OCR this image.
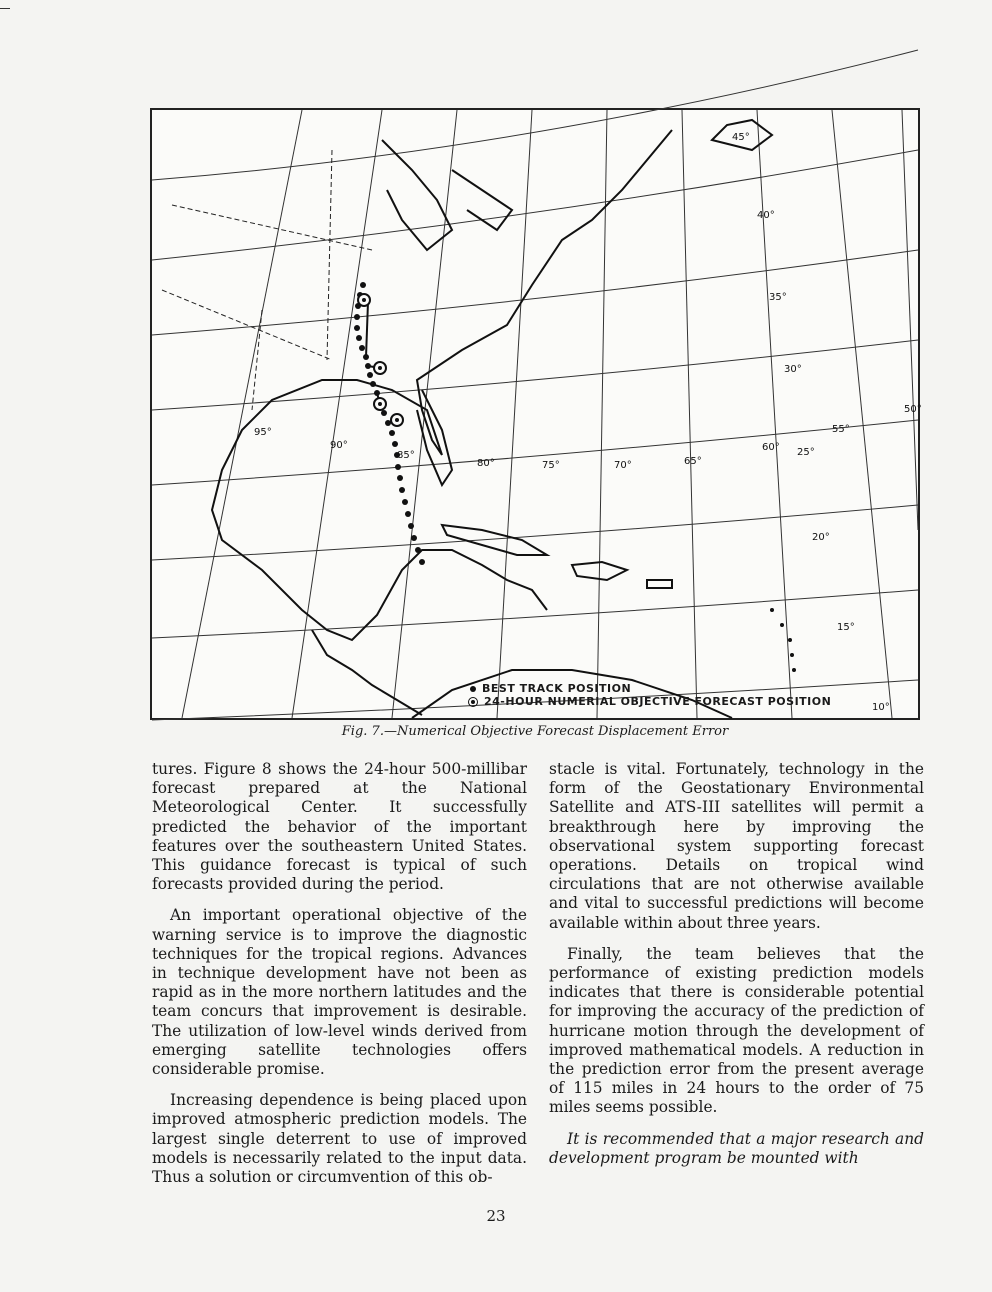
45°
40°
35°
30°
25°
20°
15°
10°
95°
90°
85°
80°	75°	70°	65°
60°
55°
50°
BEST TRACK POSITION
24-HOUR NUMERIAL OBJECTIVE FORECAST POSITION
Fig. 7.—Numerical Objective Forecast Displacement Error

tures. Figure 8 shows the 24-hour 500-millibar forecast prepared at the National Meteorological Center. It successfully predicted the behavior of the important features over the southeastern United States. This guidance forecast is typical of such forecasts provided during the period.

An important operational objective of the warning service is to improve the diagnostic techniques for the tropical regions. Advances in technique development have not been as rapid as in the more northern latitudes and the team concurs that improvement is desirable. The utilization of low-level winds derived from emerging satellite technologies offers considerable promise.

Increasing dependence is being placed upon improved atmospheric prediction models. The largest single deterrent to use of improved models is necessarily related to the input data. Thus a solution or circumvention of this ob-

stacle is vital. Fortunately, technology in the form of the Geostationary Environmental Satellite and ATS-III satellites will permit a breakthrough here by improving the observational system supporting forecast operations. Details on tropical wind circulations that are not otherwise available and vital to successful predictions will become available within about three years.

Finally, the team believes that the performance of existing prediction models indicates that there is considerable potential for improving the accuracy of the prediction of hurricane motion through the development of improved mathematical models. A reduction in the prediction error from the present average of 115 miles in 24 hours to the order of 75 miles seems possible.

It is recommended that a major research and development program be mounted with

23
